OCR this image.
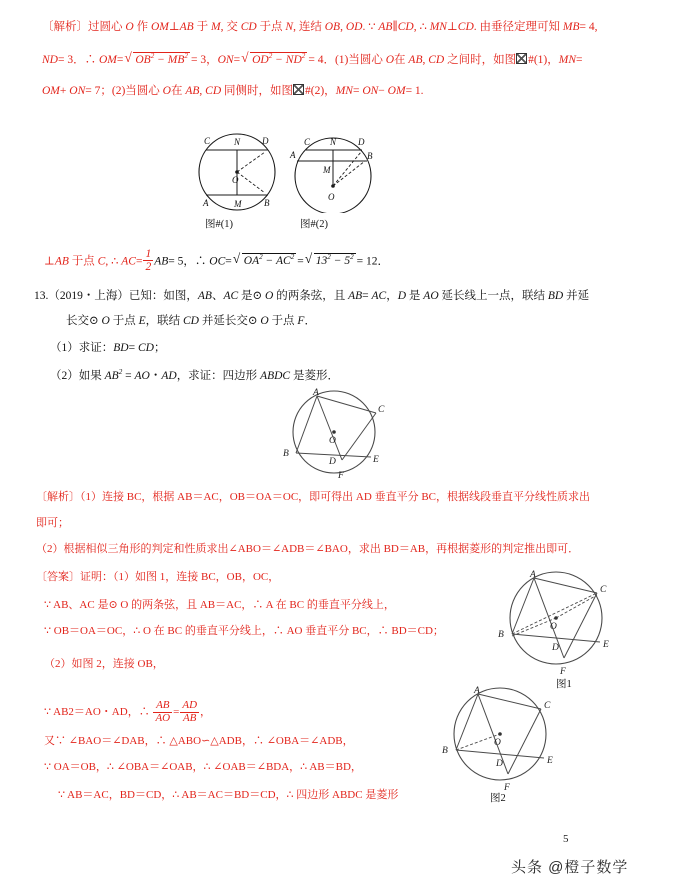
〔解析〕过圆心 O 作 OM⊥AB 于 M, 交 CD 于点 N, 连结 OB, OD. ∵ AB∥CD, ∴ MN⊥CD. 由垂径定理可知 MB= 4,
ND= 3．∴ OM= √ $OB^2 - MB^2 = 3$，ON= √ $OD^2 - ND^2 = 4$．(1)当圆心 O在 AB, CD 之间时，如图 #(1)，MN=
OM+ ON= 7；(2)当圆心 O在 AB, CD 同侧时，如图 #(2)，MN= ON− OM= 1.
C	N D
O
A	M	B
图#(1)
C N D
A	B
M
O
图#(2)
⊥AB 于点 C, ∴ $AC= \frac{1}{2} AB= 5$，∴ OC= √ $OA^2 - AC^2$ = √ $13^2 - 5^2 = 12$．
13.（2019・上海）已知：如图，AB、AC 是⊙ O 的两条弦，且 AB= AC，D 是 AO 延长线上一点，联结 BD 并延
长交⊙ O 于点 E，联结 CD 并延长交⊙ O 于点 F．
（1）求证：BD= CD；
（2）如果 $AB^2$ = AO・AD，求证：四边形 ABDC 是菱形．
A
C
O
B
D	E
F
〔解析〕（1）连接 BC，根据 AB＝AC，OB＝OA＝OC，即可得出 AD 垂直平分 BC，根据线段垂直平分线性质求出
即可；
（2）根据相似三角形的判定和性质求出∠ABO＝∠ADB＝∠BAO，求出 BD＝AB，再根据菱形的判定推出即可．
〔答案〕证明：（1）如图 1，连接 BC，OB，OC，
∵ AB、AC 是⊙ O 的两条弦，且 AB＝AC，∴ A 在 BC 的垂直平分线上，
∵ OB＝OA＝OC，∴ O 在 BC 的垂直平分线上，∴ AO 垂直平分 BC，∴ BD＝CD；
（2）如图 2，连接 OB，
∵ AB2＝AO・AD，∴ $\frac{AB}{AO} = \frac{AD}{AB}$ ，
又∵ ∠BAO＝∠DAB，∴ △ABO∽△ADB，∴ ∠OBA＝∠ADB，
∵ OA＝OB，∴ ∠OBA＝∠OAB，∴ ∠OAB＝∠BDA，∴ AB＝BD，
∵ AB＝AC，BD＝CD，∴ AB＝AC＝BD＝CD，∴ 四边形 ABDC 是菱形
A
C
O
B
D	E
F
图1
A
C
O
B
D	E
F
图2
5
头条 @橙子数学
